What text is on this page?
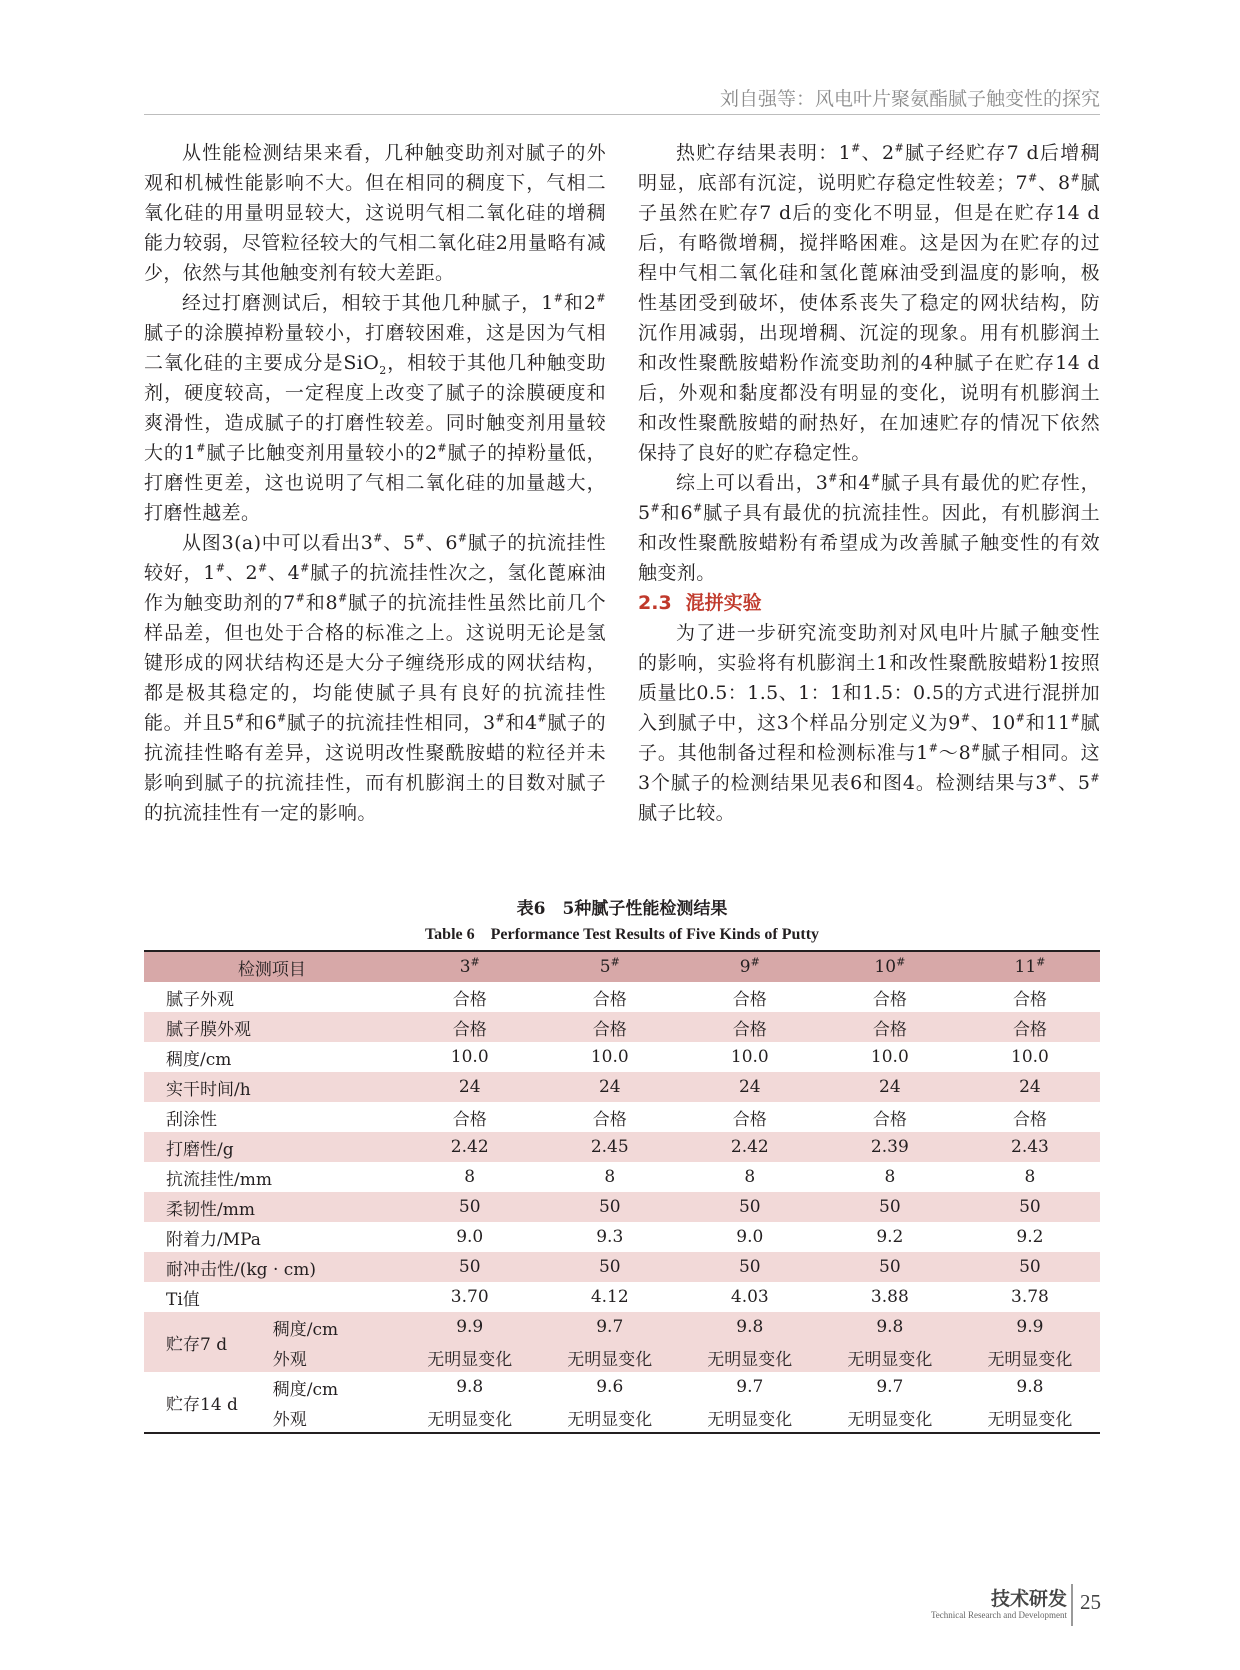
刘自强等：风电叶片聚氨酯腻子触变性的探究

从性能检测结果来看，几种触变助剂对腻子的外观和机械性能影响不大。但在相同的稠度下，气相二氧化硅的用量明显较大，这说明气相二氧化硅的增稠能力较弱，尽管粒径较大的气相二氧化硅2用量略有减少，依然与其他触变剂有较大差距。

经过打磨测试后，相较于其他几种腻子，1#和2#腻子的涂膜掉粉量较小，打磨较困难，这是因为气相二氧化硅的主要成分是SiO$_2$，相较于其他几种触变助剂，硬度较高，一定程度上改变了腻子的涂膜硬度和爽滑性，造成腻子的打磨性较差。同时触变剂用量较大的1#腻子比触变剂用量较小的2#腻子的掉粉量低，打磨性更差，这也说明了气相二氧化硅的加量越大，打磨性越差。

从图3(a)中可以看出3#、5#、6#腻子的抗流挂性较好，1#、2#、4#腻子的抗流挂性次之，氢化蓖麻油作为触变助剂的7#和8#腻子的抗流挂性虽然比前几个样品差，但也处于合格的标准之上。这说明无论是氢键形成的网状结构还是大分子缠绕形成的网状结构，都是极其稳定的，均能使腻子具有良好的抗流挂性能。并且5#和6#腻子的抗流挂性相同，3#和4#腻子的抗流挂性略有差异，这说明改性聚酰胺蜡的粒径并未影响到腻子的抗流挂性，而有机膨润土的目数对腻子的抗流挂性有一定的影响。

热贮存结果表明：1#、2#腻子经贮存7 d后增稠明显，底部有沉淀，说明贮存稳定性较差；7#、8#腻子虽然在贮存7 d后的变化不明显，但是在贮存14 d后，有略微增稠，搅拌略困难。这是因为在贮存的过程中气相二氧化硅和氢化蓖麻油受到温度的影响，极性基团受到破坏，使体系丧失了稳定的网状结构，防沉作用减弱，出现增稠、沉淀的现象。用有机膨润土和改性聚酰胺蜡粉作流变助剂的4种腻子在贮存14 d后，外观和黏度都没有明显的变化，说明有机膨润土和改性聚酰胺蜡的耐热好，在加速贮存的情况下依然保持了良好的贮存稳定性。

综上可以看出，3#和4#腻子具有最优的贮存性，5#和6#腻子具有最优的抗流挂性。因此，有机膨润土和改性聚酰胺蜡粉有希望成为改善腻子触变性的有效触变剂。

2.3 混拼实验

为了进一步研究流变助剂对风电叶片腻子触变性的影响，实验将有机膨润土1和改性聚酰胺蜡粉1按照质量比0.5：1.5、1：1和1.5：0.5的方式进行混拼加入到腻子中，这3个样品分别定义为9#、10#和11#腻子。其他制备过程和检测标准与1#～8#腻子相同。这3个腻子的检测结果见表6和图4。检测结果与3#、5#腻子比较。

表6　5种腻子性能检测结果
Table 6　Performance Test Results of Five Kinds of Putty
检测项目		3#	5#	9#	10#	11#
腻子外观		合格	合格	合格	合格	合格
腻子膜外观		合格	合格	合格	合格	合格
稠度/cm		10.0	10.0	10.0	10.0	10.0
实干时间/h		24	24	24	24	24
刮涂性		合格	合格	合格	合格	合格
打磨性/g		2.42	2.45	2.42	2.39	2.43
抗流挂性/mm		8	8	8	8	8
柔韧性/mm		50	50	50	50	50
附着力/MPa		9.0	9.3	9.0	9.2	9.2
耐冲击性/(kg · cm)		50	50	50	50	50
Ti值		3.70	4.12	4.03	3.88	3.78
贮存7 d	稠度/cm	9.9	9.7	9.8	9.8	9.9
	外观	无明显变化	无明显变化	无明显变化	无明显变化	无明显变化
贮存14 d	稠度/cm	9.8	9.6	9.7	9.7	9.8
	外观	无明显变化	无明显变化	无明显变化	无明显变化	无明显变化
技术研发
Technical Research and Development
25
